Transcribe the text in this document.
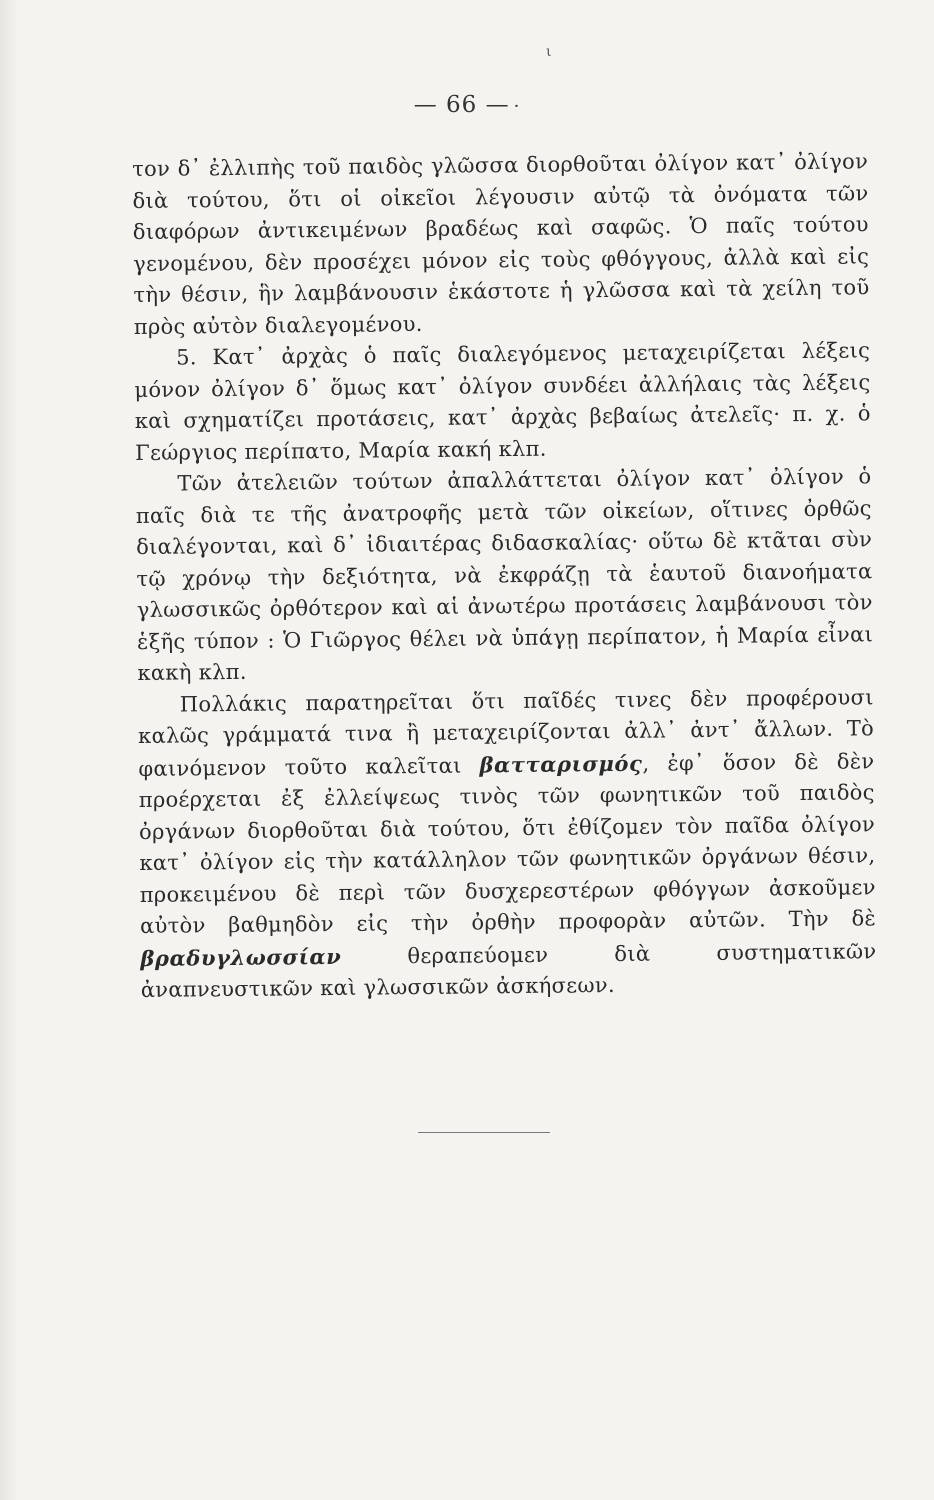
ι
— 66 — ·

τον δ᾽ ἐλλιπὴς τοῦ παιδὸς γλῶσσα διορθοῦται ὀλίγον κατ᾽ ὀλίγον διὰ τούτου, ὅτι οἱ οἰκεῖοι λέγουσιν αὐτῷ τὰ ὀνόματα τῶν διαφόρων ἀντικειμένων βραδέως καὶ σαφῶς. Ὁ παῖς τούτου γενομένου, δὲν προσέχει μόνον εἰς τοὺς φθόγγους, ἀλλὰ καὶ εἰς τὴν θέσιν, ἣν λαμβάνουσιν ἑκάστοτε ἡ γλῶσσα καὶ τὰ χείλη τοῦ πρὸς αὐτὸν διαλεγομένου.

5. Κατ᾽ ἀρχὰς ὁ παῖς διαλεγόμενος μεταχειρίζεται λέξεις μόνον ὀλίγον δ᾽ ὅμως κατ᾽ ὀλίγον συνδέει ἀλλήλαις τὰς λέξεις καὶ σχηματίζει προτάσεις, κατ᾽ ἀρχὰς βεβαίως ἀτελεῖς· π. χ. ὁ Γεώργιος περίπατο, Μαρία κακή κλπ.

Τῶν ἀτελειῶν τούτων ἀπαλλάττεται ὀλίγον κατ᾽ ὀλίγον ὁ παῖς διὰ τε τῆς ἀνατροφῆς μετὰ τῶν οἰκείων, οἵτινες ὀρθῶς διαλέγονται, καὶ δ᾽ ἰδιαιτέρας διδασκαλίας· οὕτω δὲ κτᾶται σὺν τῷ χρόνῳ τὴν δεξιότητα, νὰ ἐκφράζῃ τὰ ἑαυτοῦ διανοήματα γλωσσικῶς ὀρθότερον καὶ αἱ ἀνωτέρω προτάσεις λαμβάνουσι τὸν ἑξῆς τύπον : Ὁ Γιῶργος θέλει νὰ ὑπάγῃ περίπατον, ἡ Μαρία εἶναι κακὴ κλπ.

Πολλάκις παρατηρεῖται ὅτι παῖδές τινες δὲν προφέρουσι καλῶς γράμματά τινα ἢ μεταχειρίζονται ἀλλ᾽ ἀντ᾽ ἄλλων. Τὸ φαινόμενον τοῦτο καλεῖται βατταρισμός, ἐφ᾽ ὅσον δὲ δὲν προέρχεται ἐξ ἐλλείψεως τινὸς τῶν φωνητικῶν τοῦ παιδὸς ὀργάνων διορθοῦται διὰ τούτου, ὅτι ἐθίζομεν τὸν παῖδα ὀλίγον κατ᾽ ὀλίγον εἰς τὴν κατάλληλον τῶν φωνητικῶν ὀργάνων θέσιν, προκειμένου δὲ περὶ τῶν δυσχερεστέρων φθόγγων ἀσκοῦμεν αὐτὸν βαθμηδὸν εἰς τὴν ὀρθὴν προφορὰν αὐτῶν. Τὴν δὲ βραδυγλωσσίαν	θεραπεύομεν διὰ συστηματικῶν ἀναπνευστικῶν καὶ γλωσσικῶν ἀσκήσεων.
